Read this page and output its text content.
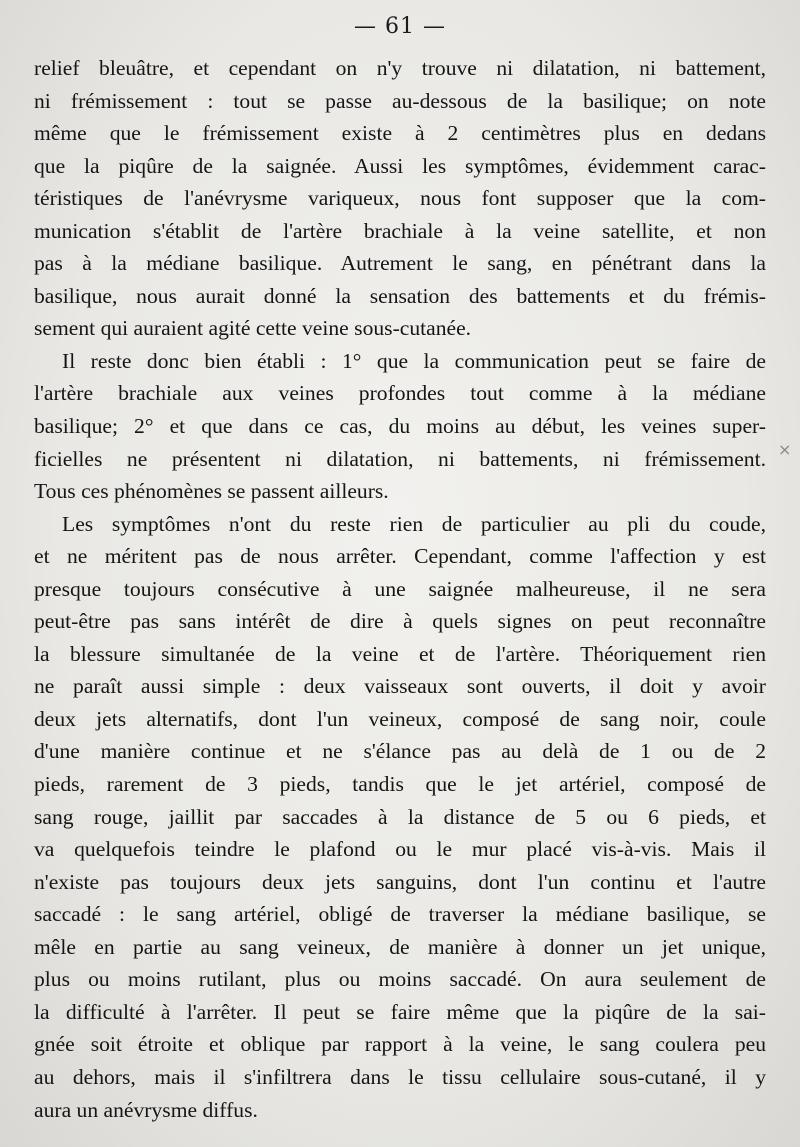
— 61 —
relief bleuâtre, et cependant on n'y trouve ni dilatation, ni battement,
ni frémissement : tout se passe au-dessous de la basilique; on note
même que le frémissement existe à 2 centimètres plus en dedans
que la piqûre de la saignée. Aussi les symptômes, évidemment carac-
téristiques de l'anévrysme variqueux, nous font supposer que la com-
munication s'établit de l'artère brachiale à la veine satellite, et non
pas à la médiane basilique. Autrement le sang, en pénétrant dans la
basilique, nous aurait donné la sensation des battements et du frémis-
sement qui auraient agité cette veine sous-cutanée.
Il reste donc bien établi : 1° que la communication peut se faire de
l'artère brachiale aux veines profondes tout comme à la médiane
basilique; 2° et que dans ce cas, du moins au début, les veines super-
ficielles ne présentent ni dilatation, ni battements, ni frémissement.
Tous ces phénomènes se passent ailleurs.
Les symptômes n'ont du reste rien de particulier au pli du coude,
et ne méritent pas de nous arrêter. Cependant, comme l'affection y est
presque toujours consécutive à une saignée malheureuse, il ne sera
peut-être pas sans intérêt de dire à quels signes on peut reconnaître
la blessure simultanée de la veine et de l'artère. Théoriquement rien
ne paraît aussi simple : deux vaisseaux sont ouverts, il doit y avoir
deux jets alternatifs, dont l'un veineux, composé de sang noir, coule
d'une manière continue et ne s'élance pas au delà de 1 ou de 2
pieds, rarement de 3 pieds, tandis que le jet artériel, composé de
sang rouge, jaillit par saccades à la distance de 5 ou 6 pieds, et
va quelquefois teindre le plafond ou le mur placé vis-à-vis. Mais il
n'existe pas toujours deux jets sanguins, dont l'un continu et l'autre
saccadé : le sang artériel, obligé de traverser la médiane basilique, se
mêle en partie au sang veineux, de manière à donner un jet unique,
plus ou moins rutilant, plus ou moins saccadé. On aura seulement de
la difficulté à l'arrêter. Il peut se faire même que la piqûre de la sai-
gnée soit étroite et oblique par rapport à la veine, le sang coulera peu
au dehors, mais il s'infiltrera dans le tissu cellulaire sous-cutané, il y
aura un anévrysme diffus.
×
